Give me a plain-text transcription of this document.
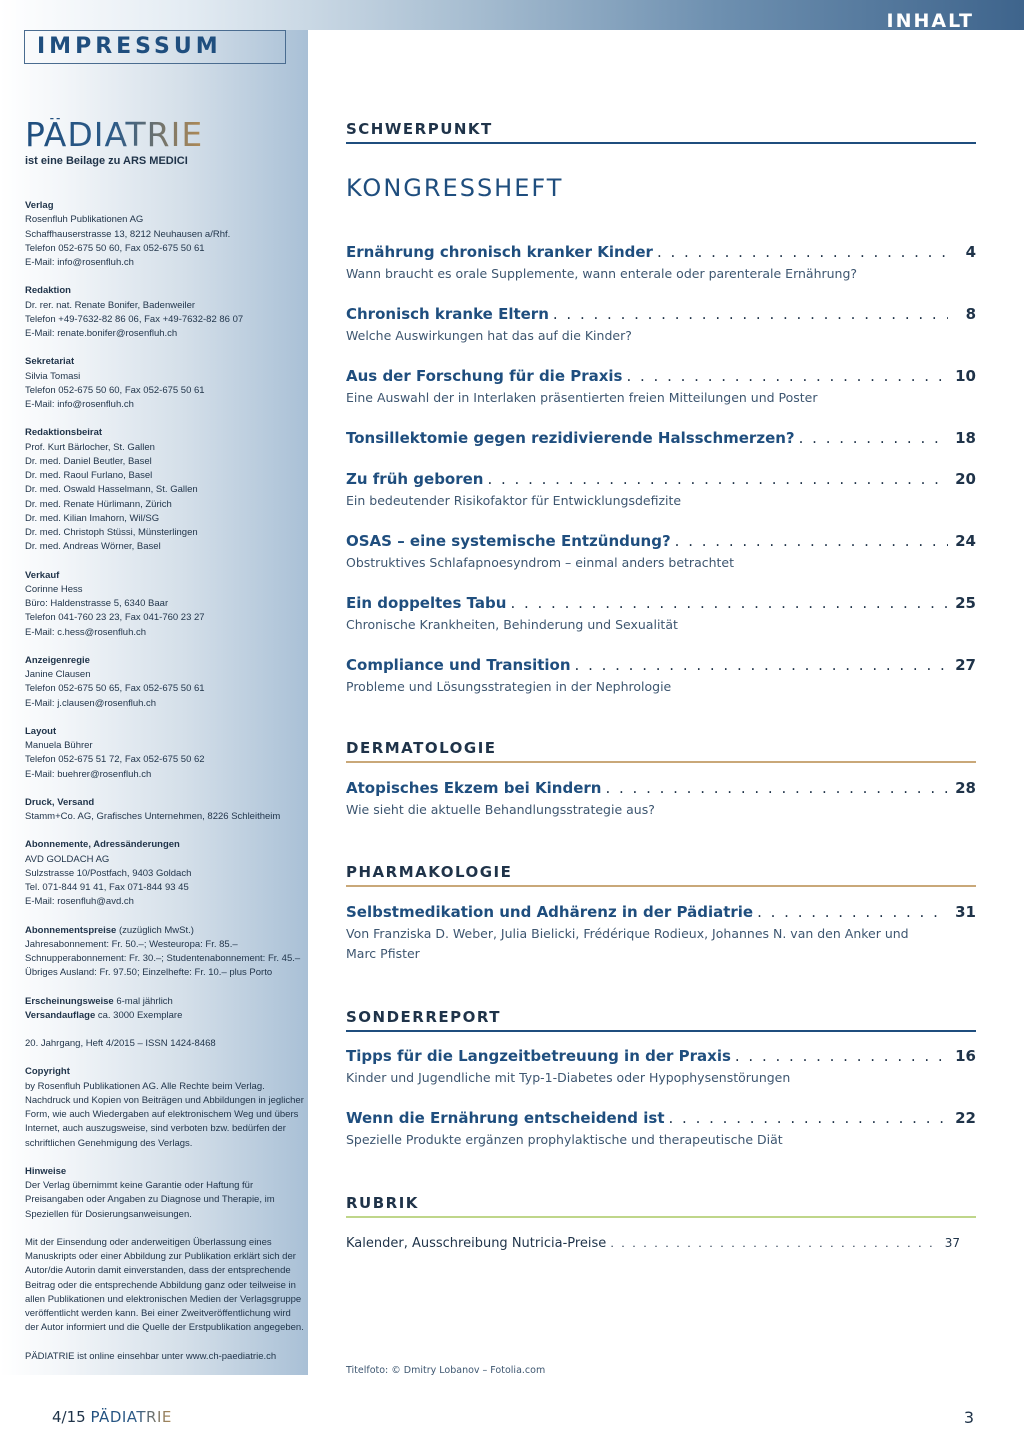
INHALT
IMPRESSUM
PÄDIATRIE
ist eine Beilage zu ARS MEDICI
Verlag
Rosenfluh Publikationen AG
Schaffhauserstrasse 13, 8212 Neuhausen a/Rhf.
Telefon 052-675 50 60, Fax 052-675 50 61
E-Mail: info@rosenfluh.ch
Redaktion
Dr. rer. nat. Renate Bonifer, Badenweiler
Telefon +49-7632-82 86 06, Fax +49-7632-82 86 07
E-Mail: renate.bonifer@rosenfluh.ch
Sekretariat
Silvia Tomasi
Telefon 052-675 50 60, Fax 052-675 50 61
E-Mail: info@rosenfluh.ch
Redaktionsbeirat
Prof. Kurt Bärlocher, St. Gallen
Dr. med. Daniel Beutler, Basel
Dr. med. Raoul Furlano, Basel
Dr. med. Oswald Hasselmann, St. Gallen
Dr. med. Renate Hürlimann, Zürich
Dr. med. Kilian Imahorn, Wil/SG
Dr. med. Christoph Stüssi, Münsterlingen
Dr. med. Andreas Wörner, Basel
Verkauf
Corinne Hess
Büro: Haldenstrasse 5, 6340 Baar
Telefon 041-760 23 23, Fax 041-760 23 27
E-Mail: c.hess@rosenfluh.ch
Anzeigenregie
Janine Clausen
Telefon 052-675 50 65, Fax 052-675 50 61
E-Mail: j.clausen@rosenfluh.ch
Layout
Manuela Bührer
Telefon 052-675 51 72, Fax 052-675 50 62
E-Mail: buehrer@rosenfluh.ch
Druck, Versand
Stamm+Co. AG, Grafisches Unternehmen, 8226 Schleitheim
Abonnemente, Adressänderungen
AVD GOLDACH AG
Sulzstrasse 10/Postfach, 9403 Goldach
Tel. 071-844 91 41, Fax 071-844 93 45
E-Mail: rosenfluh@avd.ch
Abonnementspreise (zuzüglich MwSt.)
Jahresabonnement: Fr. 50.–; Westeuropa: Fr. 85.–
Schnupperabonnement: Fr. 30.–; Studentenabonnement: Fr. 45.–
Übriges Ausland: Fr. 97.50; Einzelhefte: Fr. 10.– plus Porto
Erscheinungsweise 6-mal jährlich
Versandauflage ca. 3000 Exemplare
20. Jahrgang, Heft 4/2015 – ISSN 1424-8468
Copyright
by Rosenfluh Publikationen AG. Alle Rechte beim Verlag. Nachdruck und Kopien von Beiträgen und Abbildungen in jeglicher Form, wie auch Wiedergaben auf elektronischem Weg und übers Internet, auch auszugsweise, sind verboten bzw. bedürfen der schriftlichen Genehmigung des Verlags.
Hinweise
Der Verlag übernimmt keine Garantie oder Haftung für Preisangaben oder Angaben zu Diagnose und Therapie, im Speziellen für Dosierungsanweisungen.
Mit der Einsendung oder anderweitigen Überlassung eines Manuskripts oder einer Abbildung zur Publikation erklärt sich der Autor/die Autorin damit einverstanden, dass der entsprechende Beitrag oder die entsprechende Abbildung ganz oder teilweise in allen Publikationen und elektronischen Medien der Verlagsgruppe veröffentlicht werden kann. Bei einer Zweitveröffentlichung wird der Autor informiert und die Quelle der Erstpublikation angegeben.
PÄDIATRIE ist online einsehbar unter www.ch-paediatrie.ch
SCHWERPUNKT
KONGRESSHEFT
Ernährung chronisch kranker Kinder . . .	4
Wann braucht es orale Supplemente, wann enterale oder parenterale Ernährung?
Chronisch kranke Eltern . . .	8
Welche Auswirkungen hat das auf die Kinder?
Aus der Forschung für die Praxis . . .	10
Eine Auswahl der in Interlaken präsentierten freien Mitteilungen und Poster
Tonsillektomie gegen rezidivierende Halsschmerzen? . . .	18
Zu früh geboren . . .	20
Ein bedeutender Risikofaktor für Entwicklungsdefizite
OSAS – eine systemische Entzündung? . . .	24
Obstruktives Schlafapnoesyndrom – einmal anders betrachtet
Ein doppeltes Tabu . . .	25
Chronische Krankheiten, Behinderung und Sexualität
Compliance und Transition . . .	27
Probleme und Lösungsstrategien in der Nephrologie
Atopisches Ekzem bei Kindern . . .	28
Wie sieht die aktuelle Behandlungsstrategie aus?
Selbstmedikation und Adhärenz in der Pädiatrie . . .	31
Von Franziska D. Weber, Julia Bielicki, Frédérique Rodieux, Johannes N. van den Anker und Marc Pfister
Tipps für die Langzeitbetreuung in der Praxis . . .	16
Kinder und Jugendliche mit Typ-1-Diabetes oder Hypophysenstörungen
Wenn die Ernährung entscheidend ist . . .	22
Spezielle Produkte ergänzen prophylaktische und therapeutische Diät
Kalender, Ausschreibung Nutricia-Preise . . .	37
DERMATOLOGIE
PHARMAKOLOGIE
SONDERREPORT
RUBRIK
Titelfoto: © Dmitry Lobanov – Fotolia.com
4/15 PÄDIATRIE	3
